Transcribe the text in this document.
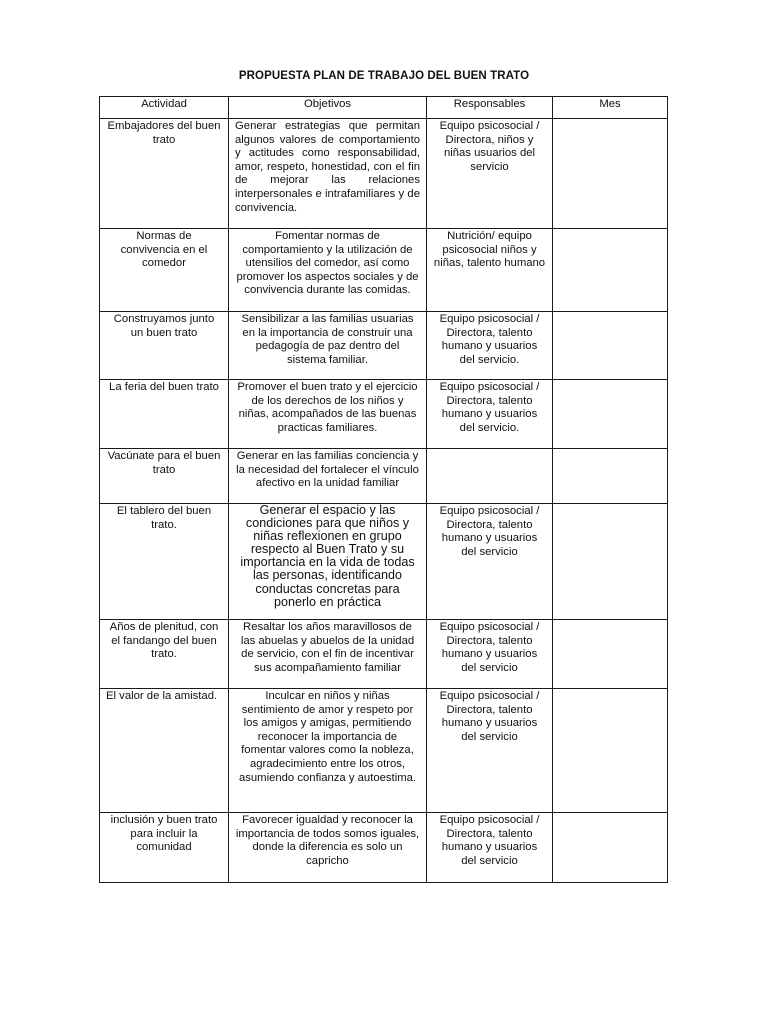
PROPUESTA PLAN DE TRABAJO DEL BUEN TRATO
Actividad	Objetivos	Responsables	Mes
Embajadores del buen trato	Generar estrategias que permitan algunos valores de comportamiento y actitudes como responsabilidad, amor, respeto, honestidad, con el fin de mejorar las relaciones interpersonales e intrafamiliares y de convivencia.	Equipo psicosocial / Directora, niños y niñas usuarios del servicio	
Normas de convivencia en el comedor	Fomentar normas de comportamiento y la utilización de utensilios del comedor, así como promover los aspectos sociales y de convivencia durante las comidas.	Nutrición/ equipo psicosocial niños y niñas, talento humano	
Construyamos junto un buen trato	Sensibilizar a las familias usuarias en la importancia de construir una pedagogía de paz dentro del sistema familiar.	Equipo psicosocial / Directora, talento humano y usuarios del servicio.	
La feria del buen trato	Promover el buen trato y el ejercicio de los derechos de los niños y niñas, acompañados de las buenas practicas familiares.	Equipo psicosocial / Directora, talento humano y usuarios del servicio.	
Vacúnate para el buen trato	Generar en las familias conciencia y la necesidad del fortalecer el vínculo afectivo en la unidad familiar		
El tablero del buen trato.	Generar el espacio y las condiciones para que niños y niñas reflexionen en grupo respecto al Buen Trato y su importancia en la vida de todas las personas, identificando conductas concretas para ponerlo en práctica	Equipo psicosocial / Directora, talento humano y usuarios del servicio	
Años de plenitud, con el fandango del buen trato.	Resaltar los años maravillosos de las abuelas y abuelos de la unidad de servicio, con el fin de incentivar sus acompañamiento familiar	Equipo psicosocial / Directora, talento humano y usuarios del servicio	
El valor de la amistad.	Inculcar en niños y niñas sentimiento de amor y respeto por los amigos y amigas, permitiendo reconocer la importancia de fomentar valores como la nobleza, agradecimiento entre los otros, asumiendo confianza y autoestima.	Equipo psicosocial / Directora, talento humano y usuarios del servicio	
inclusión y buen trato para incluir la comunidad	Favorecer igualdad y reconocer la importancia de todos somos iguales, donde la diferencia es solo un capricho	Equipo psicosocial / Directora, talento humano y usuarios del servicio	
